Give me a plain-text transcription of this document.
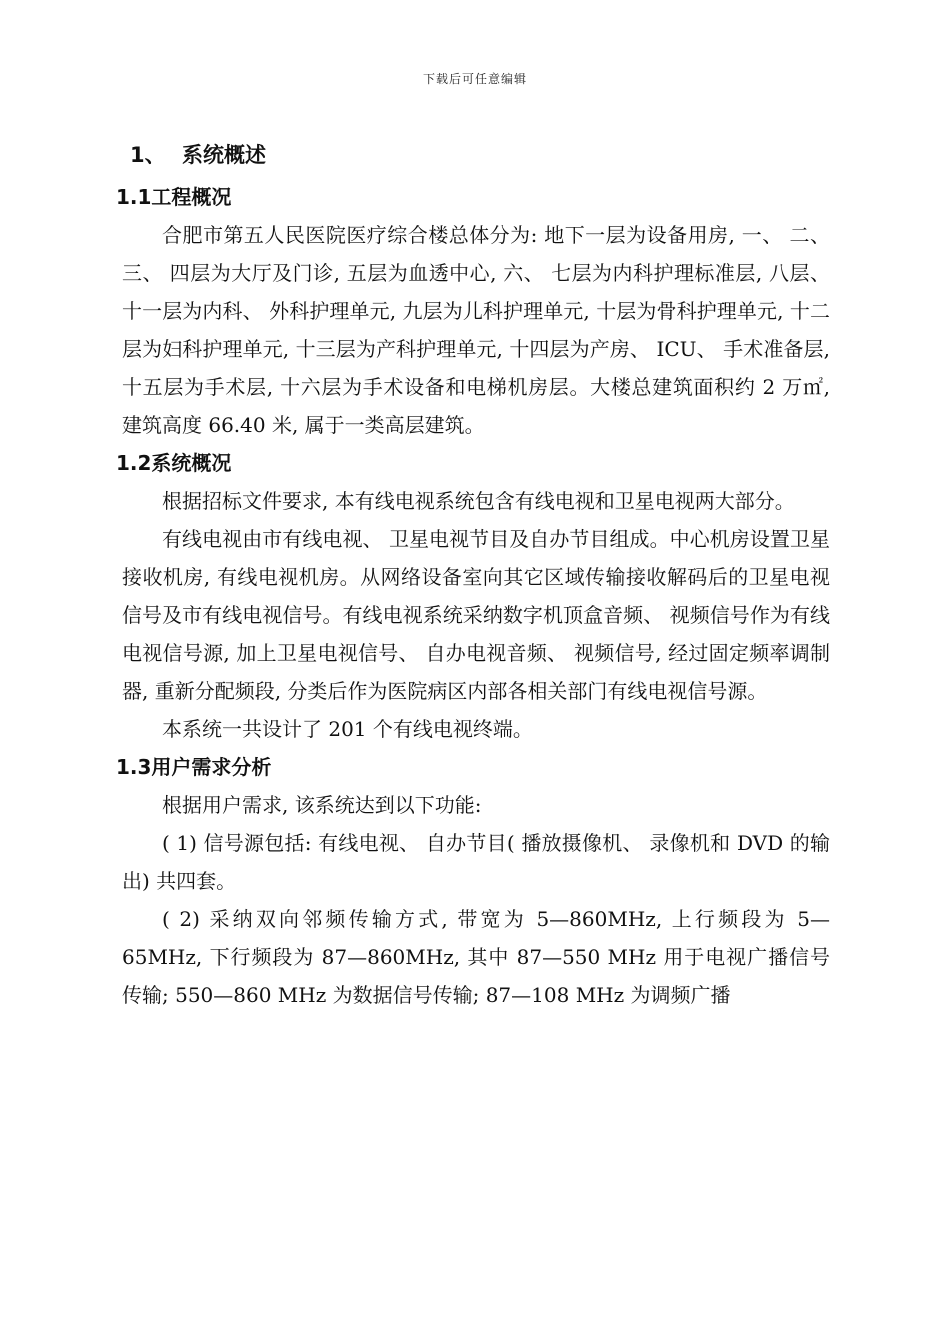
下载后可任意编辑
1、 系统概述
1.1工程概况

合肥市第五人民医院医疗综合楼总体分为: 地下一层为设备用房, 一、 二、 三、 四层为大厅及门诊, 五层为血透中心, 六、 七层为内科护理标准层, 八层、 十一层为内科、 外科护理单元, 九层为儿科护理单元, 十层为骨科护理单元, 十二层为妇科护理单元, 十三层为产科护理单元, 十四层为产房、 ICU、 手术准备层, 十五层为手术层, 十六层为手术设备和电梯机房层。大楼总建筑面积约 2 万㎡, 建筑高度 66.40 米, 属于一类高层建筑。

1.2系统概况

根据招标文件要求, 本有线电视系统包含有线电视和卫星电视两大部分。

有线电视由市有线电视、 卫星电视节目及自办节目组成。中心机房设置卫星接收机房, 有线电视机房。从网络设备室向其它区域传输接收解码后的卫星电视信号及市有线电视信号。有线电视系统采纳数字机顶盒音频、 视频信号作为有线电视信号源, 加上卫星电视信号、 自办电视音频、 视频信号, 经过固定频率调制器, 重新分配频段, 分类后作为医院病区内部各相关部门有线电视信号源。

本系统一共设计了 201 个有线电视终端。

1.3用户需求分析

根据用户需求, 该系统达到以下功能:

( 1) 信号源包括: 有线电视、 自办节目( 播放摄像机、 录像机和 DVD 的输出) 共四套。

( 2) 采纳双向邻频传输方式, 带宽为 5—860MHz, 上行频段为 5—65MHz, 下行频段为 87—860MHz, 其中 87—550 MHz 用于电视广播信号传输; 550—860 MHz 为数据信号传输; 87—108 MHz 为调频广播
